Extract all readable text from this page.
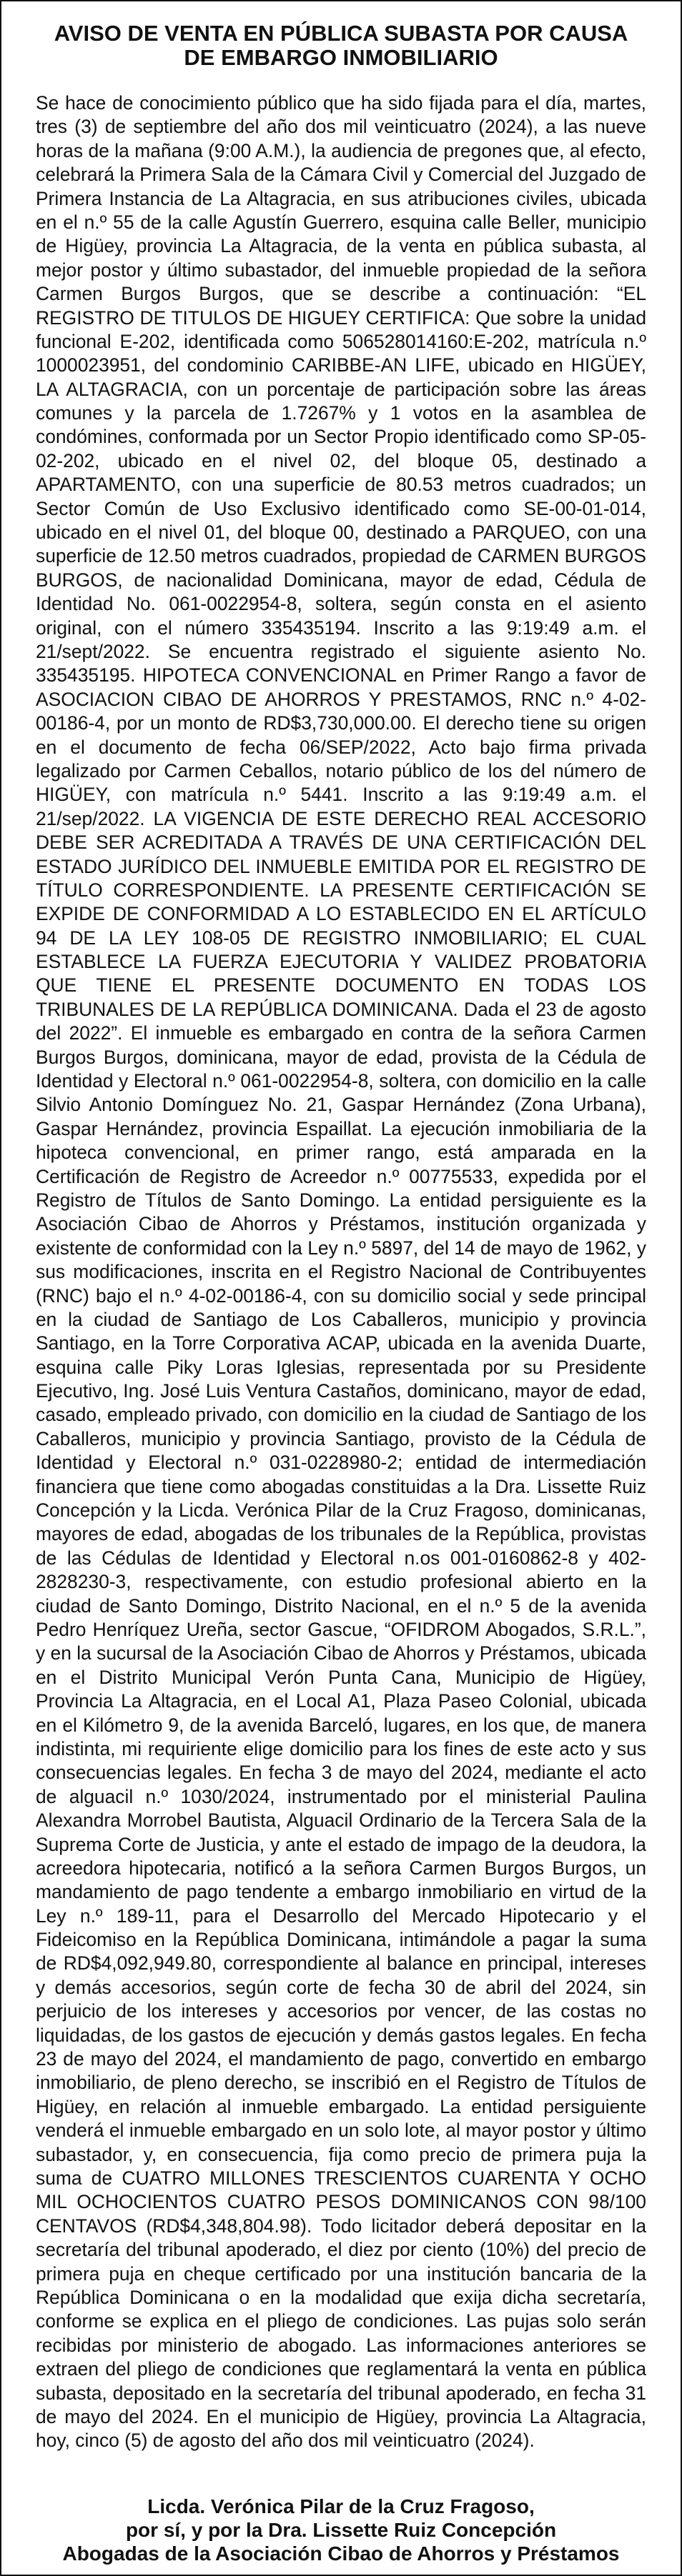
AVISO DE VENTA EN PÚBLICA SUBASTA POR CAUSA
DE EMBARGO INMOBILIARIO

Se hace de conocimiento público que ha sido fijada para el día, martes, tres (3) de septiembre del año dos mil veinticuatro (2024), a las nueve horas de la mañana (9:00 A.M.), la audiencia de pregones que, al efecto, celebrará la Primera Sala de la Cámara Civil y Comercial del Juzgado de Primera Instancia de La Altagracia, en sus atribuciones civiles, ubicada en el n.º 55 de la calle Agustín Guerrero, esquina calle Beller, municipio de Higüey, provincia La Altagracia, de la venta en pública subasta, al mejor postor y último subastador, del inmueble propiedad de la señora Carmen Burgos Burgos, que se describe a continuación: “EL REGISTRO DE TITULOS DE HIGUEY CERTIFICA: Que sobre la unidad funcional E-202, identificada como 506528014160:E-202, matrícula n.º 1000023951, del condominio CARIBBE-AN LIFE, ubicado en HIGÜEY, LA ALTAGRACIA, con un porcentaje de participación sobre las áreas comunes y la parcela de 1.7267% y 1 votos en la asamblea de condómines, conformada por un Sector Propio identificado como SP-05-02-202, ubicado en el nivel 02, del bloque 05, destinado a APARTAMENTO, con una superficie de 80.53 metros cuadrados; un Sector Común de Uso Exclusivo identificado como SE-00-01-014, ubicado en el nivel 01, del bloque 00, destinado a PARQUEO, con una superficie de 12.50 metros cuadrados, propiedad de CARMEN BURGOS BURGOS, de nacionalidad Dominicana, mayor de edad, Cédula de Identidad No. 061-0022954-8, soltera, según consta en el asiento original, con el número 335435194. Inscrito a las 9:19:49 a.m. el 21/sept/2022. Se encuentra registrado el siguiente asiento No. 335435195. HIPOTECA CONVENCIONAL en Primer Rango a favor de ASOCIACION CIBAO DE AHORROS Y PRESTAMOS, RNC n.º 4-02-00186-4, por un monto de RD$3,730,000.00. El derecho tiene su origen en el documento de fecha 06/SEP/2022, Acto bajo firma privada legalizado por Carmen Ceballos, notario público de los del número de HIGÜEY, con matrícula n.º 5441. Inscrito a las 9:19:49 a.m. el 21/sep/2022. LA VIGENCIA DE ESTE DERECHO REAL ACCESORIO DEBE SER ACREDITADA A TRAVÉS DE UNA CERTIFICACIÓN DEL ESTADO JURÍDICO DEL INMUEBLE EMITIDA POR EL REGISTRO DE TÍTULO CORRESPONDIENTE. LA PRESENTE CERTIFICACIÓN SE EXPIDE DE CONFORMIDAD A LO ESTABLECIDO EN EL ARTÍCULO 94 DE LA LEY 108-05 DE REGISTRO INMOBILIARIO; EL CUAL ESTABLECE LA FUERZA EJECUTORIA Y VALIDEZ PROBATORIA QUE TIENE EL PRESENTE DOCUMENTO EN TODAS LOS TRIBUNALES DE LA REPÚBLICA DOMINICANA. Dada el 23 de agosto del 2022”. El inmueble es embargado en contra de la señora Carmen Burgos Burgos, dominicana, mayor de edad, provista de la Cédula de Identidad y Electoral n.º 061-0022954-8, soltera, con domicilio en la calle Silvio Antonio Domínguez No. 21, Gaspar Hernández (Zona Urbana), Gaspar Hernández, provincia Espaillat. La ejecución inmobiliaria de la hipoteca convencional, en primer rango, está amparada en la Certificación de Registro de Acreedor n.º 00775533, expedida por el Registro de Títulos de Santo Domingo. La entidad persiguiente es la Asociación Cibao de Ahorros y Préstamos, institución organizada y existente de conformidad con la Ley n.º 5897, del 14 de mayo de 1962, y sus modificaciones, inscrita en el Registro Nacional de Contribuyentes (RNC) bajo el n.º 4-02-00186-4, con su domicilio social y sede principal en la ciudad de Santiago de Los Caballeros, municipio y provincia Santiago, en la Torre Corporativa ACAP, ubicada en la avenida Duarte, esquina calle Piky Loras Iglesias, representada por su Presidente Ejecutivo, Ing. José Luis Ventura Castaños, dominicano, mayor de edad, casado, empleado privado, con domicilio en la ciudad de Santiago de los Caballeros, municipio y provincia Santiago, provisto de la Cédula de Identidad y Electoral n.º 031-0228980-2; entidad de intermediación financiera que tiene como abogadas constituidas a la Dra. Lissette Ruiz Concepción y la Licda. Verónica Pilar de la Cruz Fragoso, dominicanas, mayores de edad, abogadas de los tribunales de la República, provistas de las Cédulas de Identidad y Electoral n.os 001-0160862-8 y 402-2828230-3, respectivamente, con estudio profesional abierto en la ciudad de Santo Domingo, Distrito Nacional, en el n.º 5 de la avenida Pedro Henríquez Ureña, sector Gascue, “OFIDROM Abogados, S.R.L.”, y en la sucursal de la Asociación Cibao de Ahorros y Préstamos, ubicada en el Distrito Municipal Verón Punta Cana, Municipio de Higüey, Provincia La Altagracia, en el Local A1, Plaza Paseo Colonial, ubicada en el Kilómetro 9, de la avenida Barceló, lugares, en los que, de manera indistinta, mi requiriente elige domicilio para los fines de este acto y sus consecuencias legales. En fecha 3 de mayo del 2024, mediante el acto de alguacil n.º 1030/2024, instrumentado por el ministerial Paulina Alexandra Morrobel Bautista, Alguacil Ordinario de la Tercera Sala de la Suprema Corte de Justicia, y ante el estado de impago de la deudora, la acreedora hipotecaria, notificó a la señora Carmen Burgos Burgos, un mandamiento de pago tendente a embargo inmobiliario en virtud de la Ley n.º 189-11, para el Desarrollo del Mercado Hipotecario y el Fideicomiso en la República Dominicana, intimándole a pagar la suma de RD$4,092,949.80, correspondiente al balance en principal, intereses y demás accesorios, según corte de fecha 30 de abril del 2024, sin perjuicio de los intereses y accesorios por vencer, de las costas no liquidadas, de los gastos de ejecución y demás gastos legales. En fecha 23 de mayo del 2024, el mandamiento de pago, convertido en embargo inmobiliario, de pleno derecho, se inscribió en el Registro de Títulos de Higüey, en relación al inmueble embargado. La entidad persiguiente venderá el inmueble embargado en un solo lote, al mayor postor y último subastador, y, en consecuencia, fija como precio de primera puja la suma de CUATRO MILLONES TRESCIENTOS CUARENTA Y OCHO MIL OCHOCIENTOS CUATRO PESOS DOMINICANOS CON 98/100 CENTAVOS (RD$4,348,804.98). Todo licitador deberá depositar en la secretaría del tribunal apoderado, el diez por ciento (10%) del precio de primera puja en cheque certificado por una institución bancaria de la República Dominicana o en la modalidad que exija dicha secretaría, conforme se explica en el pliego de condiciones. Las pujas solo serán recibidas por ministerio de abogado. Las informaciones anteriores se extraen del pliego de condiciones que reglamentará la venta en pública subasta, depositado en la secretaría del tribunal apoderado, en fecha 31 de mayo del 2024. En el municipio de Higüey, provincia La Altagracia, hoy, cinco (5) de agosto del año dos mil veinticuatro (2024).

Licda. Verónica Pilar de la Cruz Fragoso,
por sí, y por la Dra. Lissette Ruiz Concepción
Abogadas de la Asociación Cibao de Ahorros y Préstamos
